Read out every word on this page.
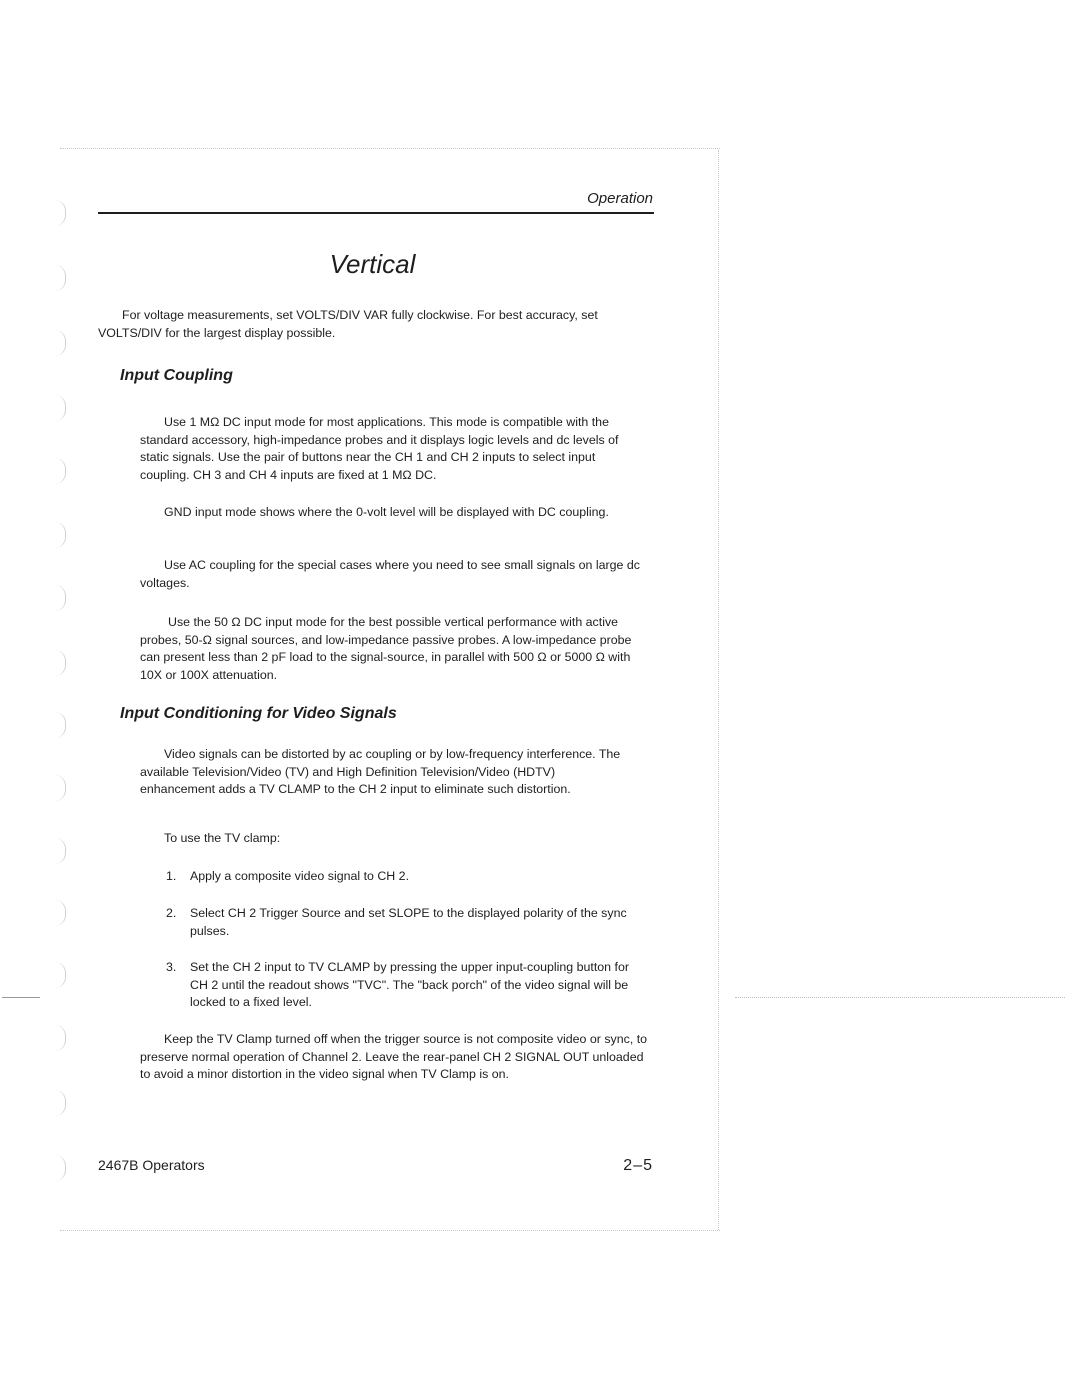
Operation

Vertical

For voltage measurements, set VOLTS/DIV VAR fully clockwise. For best accuracy, set VOLTS/DIV for the largest display possible.

Input Coupling

Use 1 MΩ DC input mode for most applications. This mode is compatible with the standard accessory, high-impedance probes and it displays logic levels and dc levels of static signals. Use the pair of buttons near the CH 1 and CH 2 inputs to select input coupling. CH 3 and CH 4 inputs are fixed at 1 MΩ DC.

GND input mode shows where the 0-volt level will be displayed with DC coupling.

Use AC coupling for the special cases where you need to see small signals on large dc voltages.

Use the 50 Ω DC input mode for the best possible vertical performance with active probes, 50-Ω signal sources, and low-impedance passive probes. A low-impedance probe can present less than 2 pF load to the signal-source, in parallel with 500 Ω or 5000 Ω with 10X or 100X attenuation.

Input Conditioning for Video Signals

Video signals can be distorted by ac coupling or by low-frequency interference. The available Television/Video (TV) and High Definition Television/Video (HDTV) enhancement adds a TV CLAMP to the CH 2 input to eliminate such distortion.

To use the TV clamp:

1. Apply a composite video signal to CH 2.
2. Select CH 2 Trigger Source and set SLOPE to the displayed polarity of the sync pulses.
3. Set the CH 2 input to TV CLAMP by pressing the upper input-coupling button for CH 2 until the readout shows "TVC". The "back porch" of the video signal will be locked to a fixed level.

Keep the TV Clamp turned off when the trigger source is not composite video or sync, to preserve normal operation of Channel 2. Leave the rear-panel CH 2 SIGNAL OUT unloaded to avoid a minor distortion in the video signal when TV Clamp is on.

2467B Operators	2–5
